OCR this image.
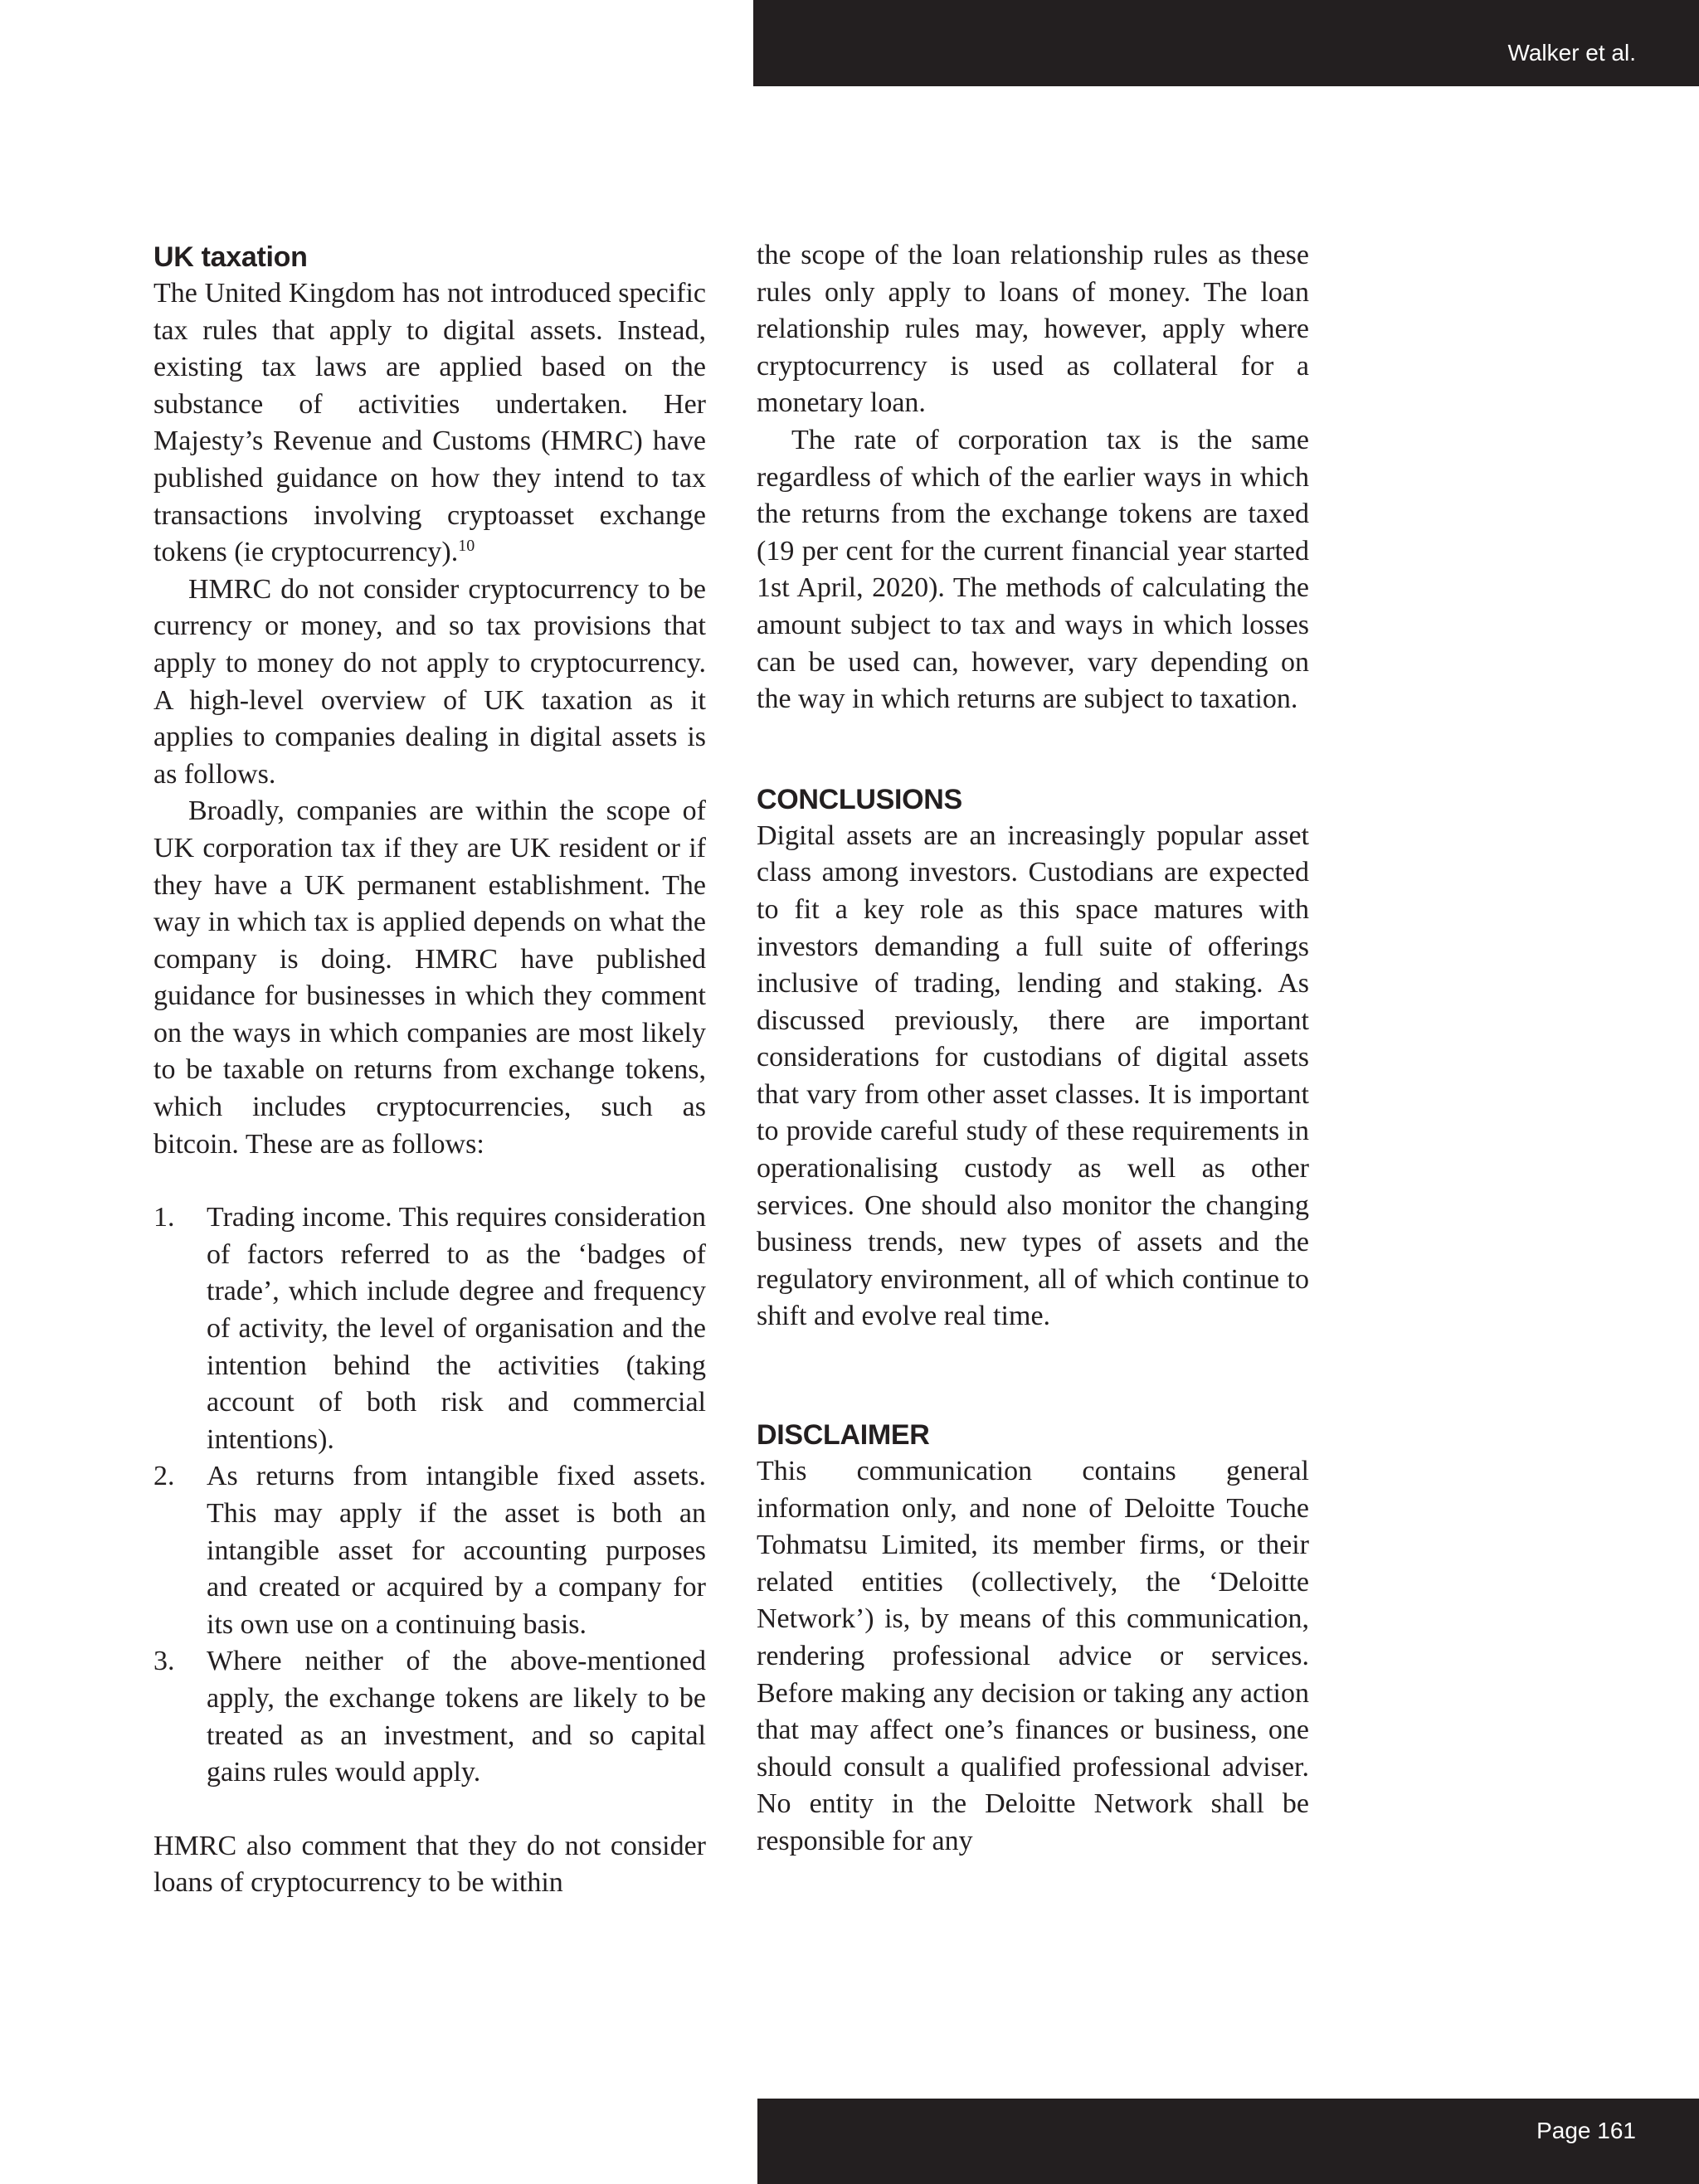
Walker et al.
UK taxation

The United Kingdom has not introduced specific tax rules that apply to digital assets. Instead, existing tax laws are applied based on the substance of activities undertaken. Her Majesty’s Revenue and Customs (HMRC) have published guidance on how they intend to tax transactions involving cryptoasset exchange tokens (ie cryptocurrency).$^{10}$

HMRC do not consider cryptocurrency to be currency or money, and so tax provisions that apply to money do not apply to cryptocurrency. A high-level overview of UK taxation as it applies to companies dealing in digital assets is as follows.

Broadly, companies are within the scope of UK corporation tax if they are UK resident or if they have a UK permanent establishment. The way in which tax is applied depends on what the company is doing. HMRC have published guidance for businesses in which they comment on the ways in which companies are most likely to be taxable on returns from exchange tokens, which includes cryptocurrencies, such as bitcoin. These are as follows:

1. Trading income. This requires consideration of factors referred to as the ‘badges of trade’, which include degree and frequency of activity, the level of organisation and the intention behind the activities (taking account of both risk and commercial intentions).
2. As returns from intangible fixed assets. This may apply if the asset is both an intangible asset for accounting purposes and created or acquired by a company for its own use on a continuing basis.
3. Where neither of the above-mentioned apply, the exchange tokens are likely to be treated as an investment, and so capital gains rules would apply.

HMRC also comment that they do not consider loans of cryptocurrency to be within

the scope of the loan relationship rules as these rules only apply to loans of money. The loan relationship rules may, however, apply where cryptocurrency is used as collateral for a monetary loan.

The rate of corporation tax is the same regardless of which of the earlier ways in which the returns from the exchange tokens are taxed (19 per cent for the current financial year started 1st April, 2020). The methods of calculating the amount subject to tax and ways in which losses can be used can, however, vary depending on the way in which returns are subject to taxation.

CONCLUSIONS

Digital assets are an increasingly popular asset class among investors. Custodians are expected to fit a key role as this space matures with investors demanding a full suite of offerings inclusive of trading, lending and staking. As discussed previously, there are important considerations for custodians of digital assets that vary from other asset classes. It is important to provide careful study of these requirements in operationalising custody as well as other services. One should also monitor the changing business trends, new types of assets and the regulatory environment, all of which continue to shift and evolve real time.

DISCLAIMER

This communication contains general information only, and none of Deloitte Touche Tohmatsu Limited, its member firms, or their related entities (collectively, the ‘Deloitte Network’) is, by means of this communication, rendering professional advice or services. Before making any decision or taking any action that may affect one’s finances or business, one should consult a qualified professional adviser. No entity in the Deloitte Network shall be responsible for any

Page 161
